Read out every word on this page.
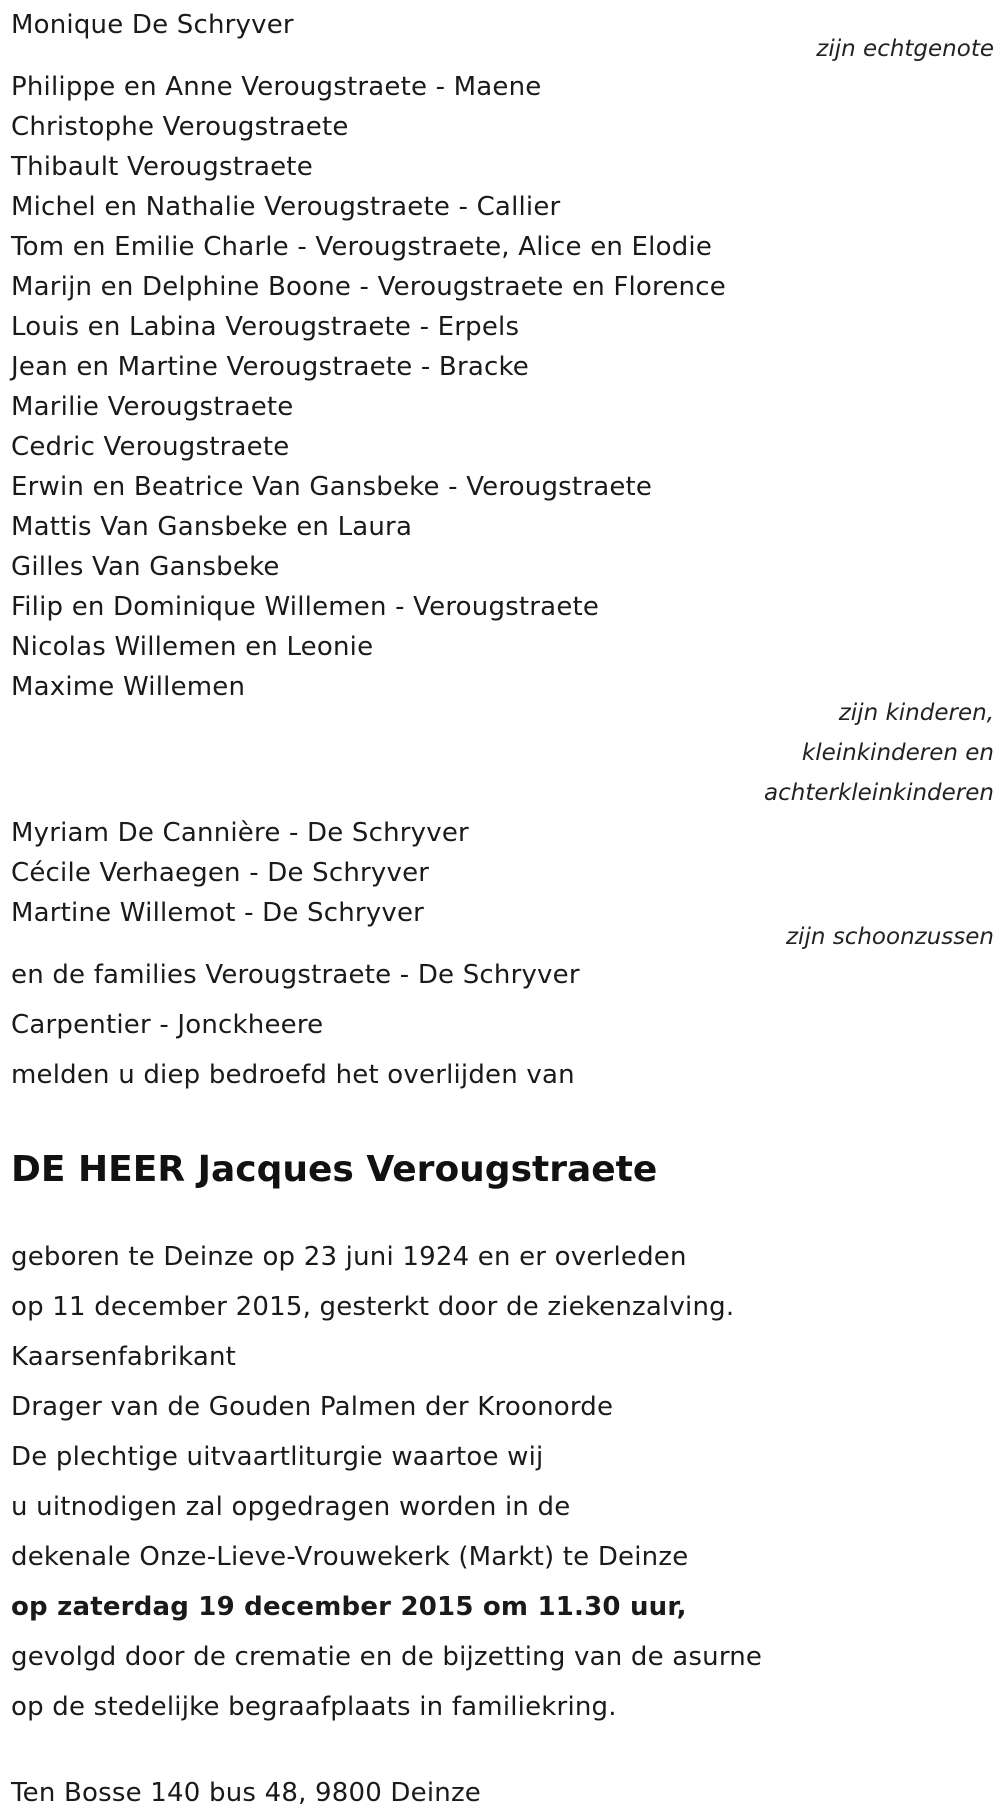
Monique De Schryver
zijn echtgenote
Philippe en Anne Verougstraete - Maene
Christophe Verougstraete
Thibault Verougstraete
Michel en Nathalie Verougstraete - Callier
Tom en Emilie Charle - Verougstraete, Alice en Elodie
Marijn en Delphine Boone - Verougstraete en Florence
Louis en Labina Verougstraete - Erpels
Jean en Martine Verougstraete - Bracke
Marilie Verougstraete
Cedric Verougstraete
Erwin en Beatrice Van Gansbeke - Verougstraete
Mattis Van Gansbeke en Laura
Gilles Van Gansbeke
Filip en Dominique Willemen - Verougstraete
Nicolas Willemen en Leonie
Maxime Willemen
zijn kinderen,
kleinkinderen en
achterkleinkinderen
Myriam De Cannière - De Schryver
Cécile Verhaegen - De Schryver
Martine Willemot - De Schryver
zijn schoonzussen
en de families Verougstraete - De Schryver
Carpentier - Jonckheere
melden u diep bedroefd het overlijden van
DE HEER Jacques Verougstraete
geboren te Deinze op 23 juni 1924 en er overleden
op 11 december 2015, gesterkt door de ziekenzalving.
Kaarsenfabrikant
Drager van de Gouden Palmen der Kroonorde
De plechtige uitvaartliturgie waartoe wij
u uitnodigen zal opgedragen worden in de
dekenale Onze-Lieve-Vrouwekerk (Markt) te Deinze
op zaterdag 19 december 2015 om 11.30 uur,
gevolgd door de crematie en de bijzetting van de asurne
op de stedelijke begraafplaats in familiekring.
Ten Bosse 140 bus 48, 9800 Deinze
